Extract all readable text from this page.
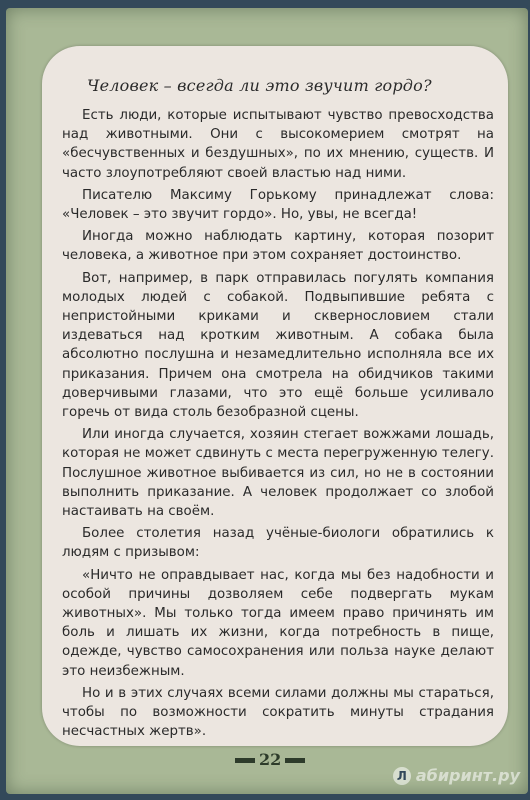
Человек – всегда ли это звучит гордо?

Есть люди, которые испытывают чувство превосходства над животными. Они с высокомерием смотрят на «бесчувственных и бездушных», по их мнению, существ. И часто злоупотребляют своей властью над ними.

Писателю Максиму Горькому принадлежат слова: «Человек – это звучит гордо». Но, увы, не всегда!

Иногда можно наблюдать картину, которая позорит человека, а животное при этом сохраняет достоинство.

Вот, например, в парк отправилась погулять компания молодых людей с собакой. Подвыпившие ребята с непристойными криками и сквернословием стали издеваться над кротким животным. А собака была абсолютно послушна и незамедлительно исполняла все их приказания. Причем она смотрела на обидчиков такими доверчивыми глазами, что это ещё больше усиливало горечь от вида столь безобразной сцены.

Или иногда случается, хозяин стегает вожжами лошадь, которая не может сдвинуть с места перегруженную телегу. Послушное животное выбивается из сил, но не в состоянии выполнить приказание. А человек продолжает со злобой настаивать на своём.

Более столетия назад учёные-биологи обратились к людям с призывом:

«Ничто не оправдывает нас, когда мы без надобности и особой причины дозволяем себе подвергать мукам животных». Мы только тогда имеем право причинять им боль и лишать их жизни, когда потребность в пище, одежде, чувство самосохранения или польза науке делают это неизбежным.

Но и в этих случаях всеми силами должны мы стараться, чтобы по возможности сократить минуты страдания несчастных жертв».

22
Л абиринт.ру
